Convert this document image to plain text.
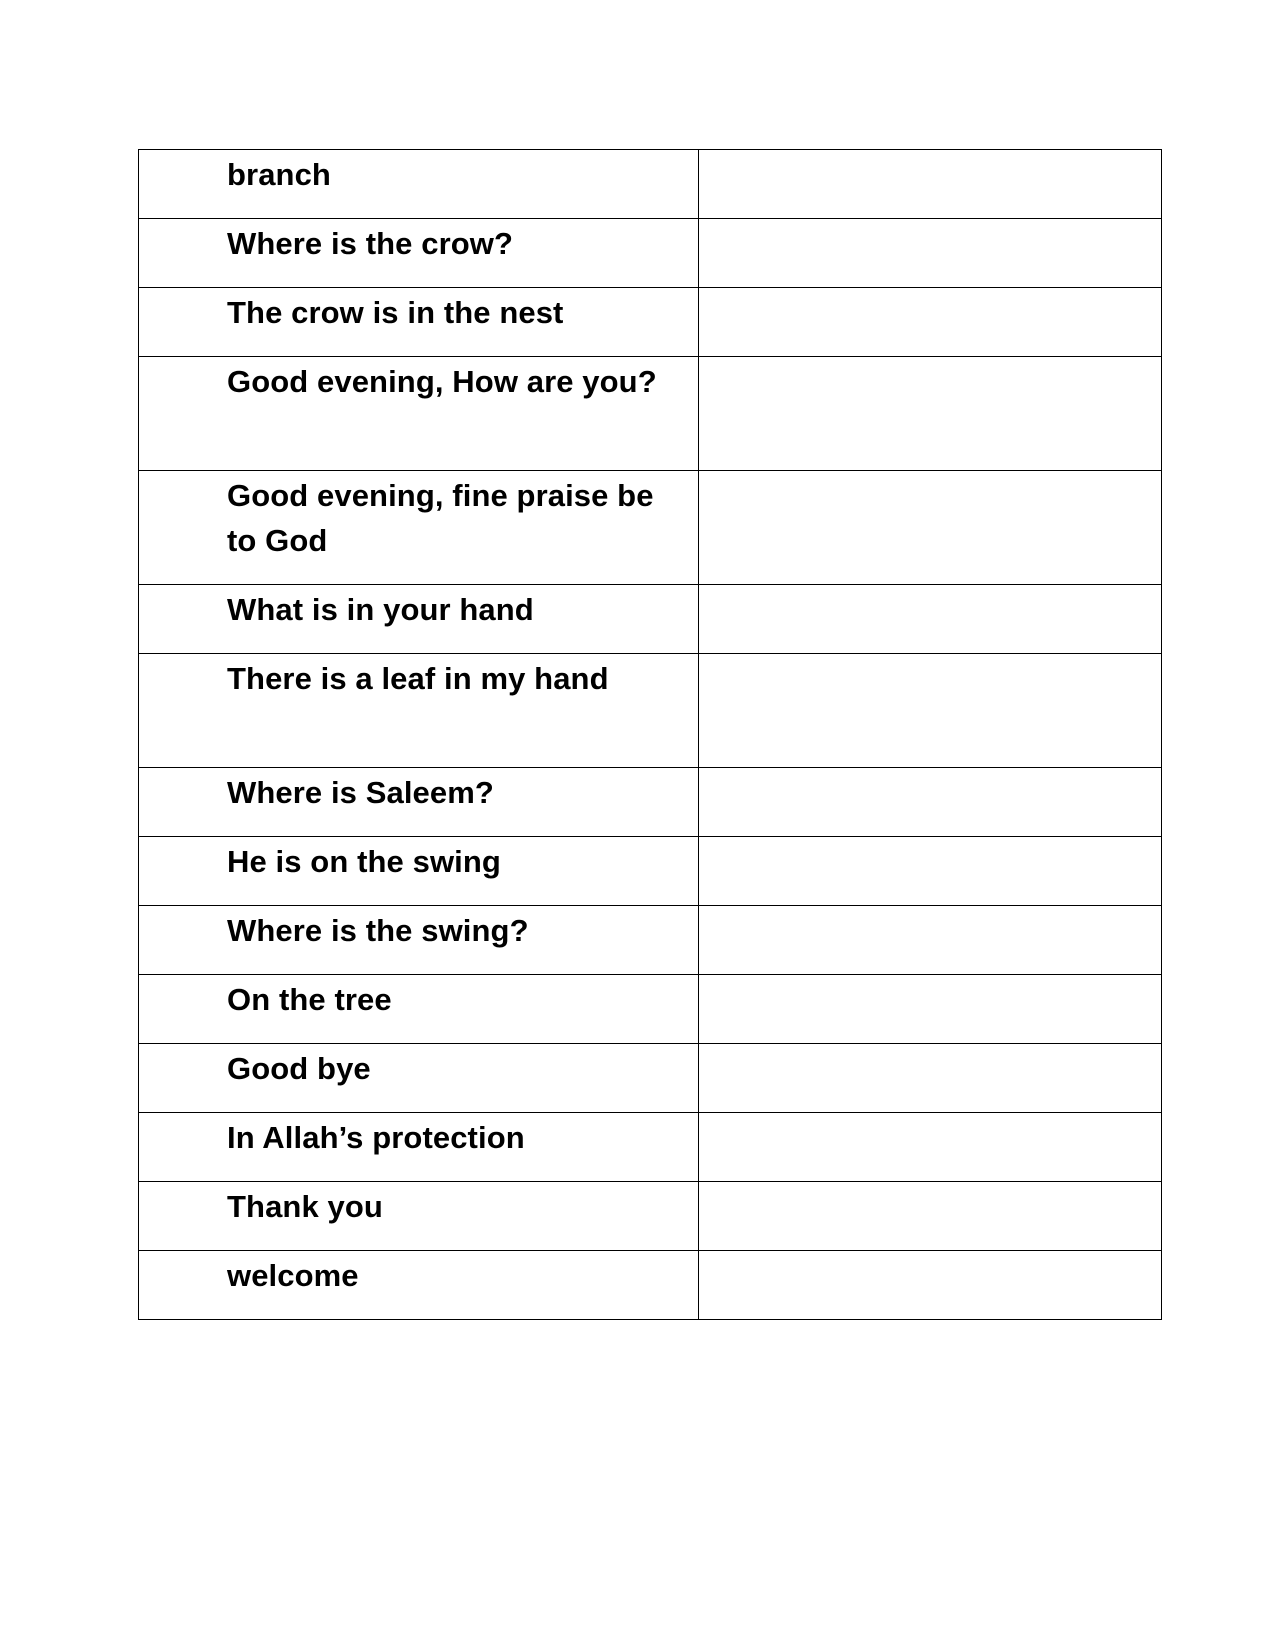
branch	
Where is the crow?	
The crow is in the nest	
Good evening, How are you?	
Good evening, fine praise be to God	
What is in your hand	
There is a leaf in my hand	
Where is Saleem?	
He is on the swing	
Where is the swing?	
On the tree	
Good bye	
In Allah’s protection	
Thank you	
welcome	
